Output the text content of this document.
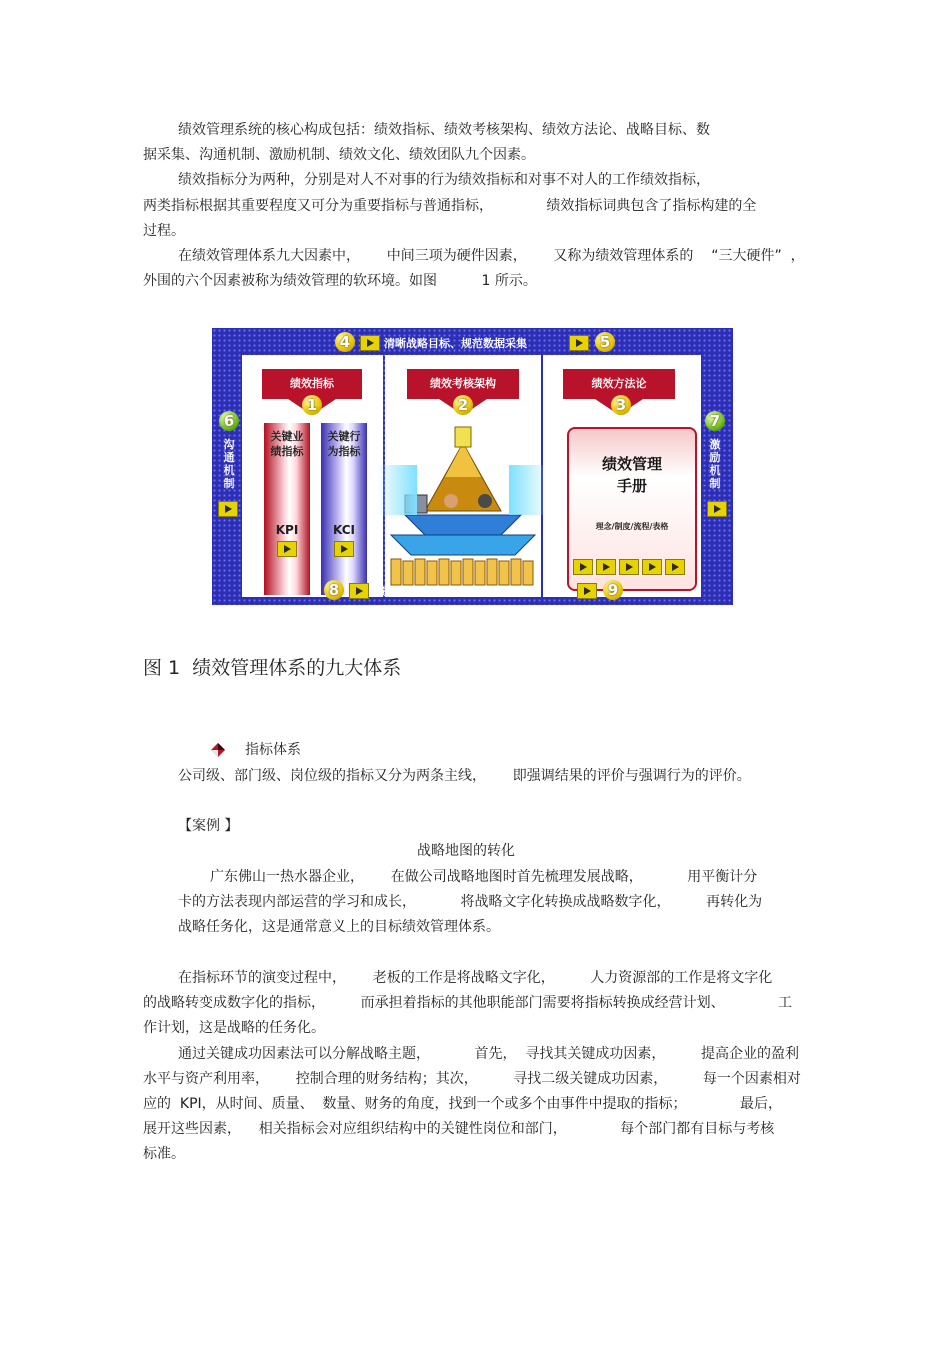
绩效管理系统的核心构成包括：绩效指标、绩效考核架构、绩效方法论、战略目标、数

据采集、沟通机制、激励机制、绩效文化、绩效团队九个因素。

绩效指标分为两种，分别是对人不对事的行为绩效指标和对事不对人的工作绩效指标，

两类指标根据其重要程度又可分为重要指标与普通指标，            绩效指标词典包含了指标构建的全

过程。

在绩效管理体系九大因素中，      中间三项为硬件因素，      又称为绩效管理体系的    “三大硬件”  ，

外围的六个因素被称为绩效管理的软环境。如图          1 所示。

4	清晰战略目标、规范数据采集	5
6
沟通机制
7
激励机制
绩效指标
1
关键业绩指标
KPI
关键行为指标
KCI
绩效考核架构
2
绩效方法论
3
绩效管理
手册
理念/制度/流程/表格
8	健康绩效文化、有能力绩效团队	9
图 1  绩效管理体系的九大体系

指标体系

公司级、部门级、岗位级的指标又分为两条主线，      即强调结果的评价与强调行为的评价。

【案例 】

战略地图的转化

广东佛山一热水器企业，      在做公司战略地图时首先梳理发展战略，          用平衡计分

卡的方法表现内部运营的学习和成长，          将战略文字化转换成战略数字化，        再转化为

战略任务化，这是通常意义上的目标绩效管理体系。

在指标环节的演变过程中，      老板的工作是将战略文字化，        人力资源部的工作是将文字化

的战略转变成数字化的指标，        而承担着指标的其他职能部门需要将指标转换成经营计划、            工

作计划，这是战略的任务化。

通过关键成功因素法可以分解战略主题，          首先，  寻找其关键成功因素，        提高企业的盈利

水平与资产利用率，      控制合理的财务结构；其次，        寻找二级关键成功因素，        每一个因素相对

应的  KPI，从时间、质量、  数量、财务的角度，找到一个或多个由事件中提取的指标；            最后，

展开这些因素，    相关指标会对应组织结构中的关键性岗位和部门，            每个部门都有目标与考核

标准。
